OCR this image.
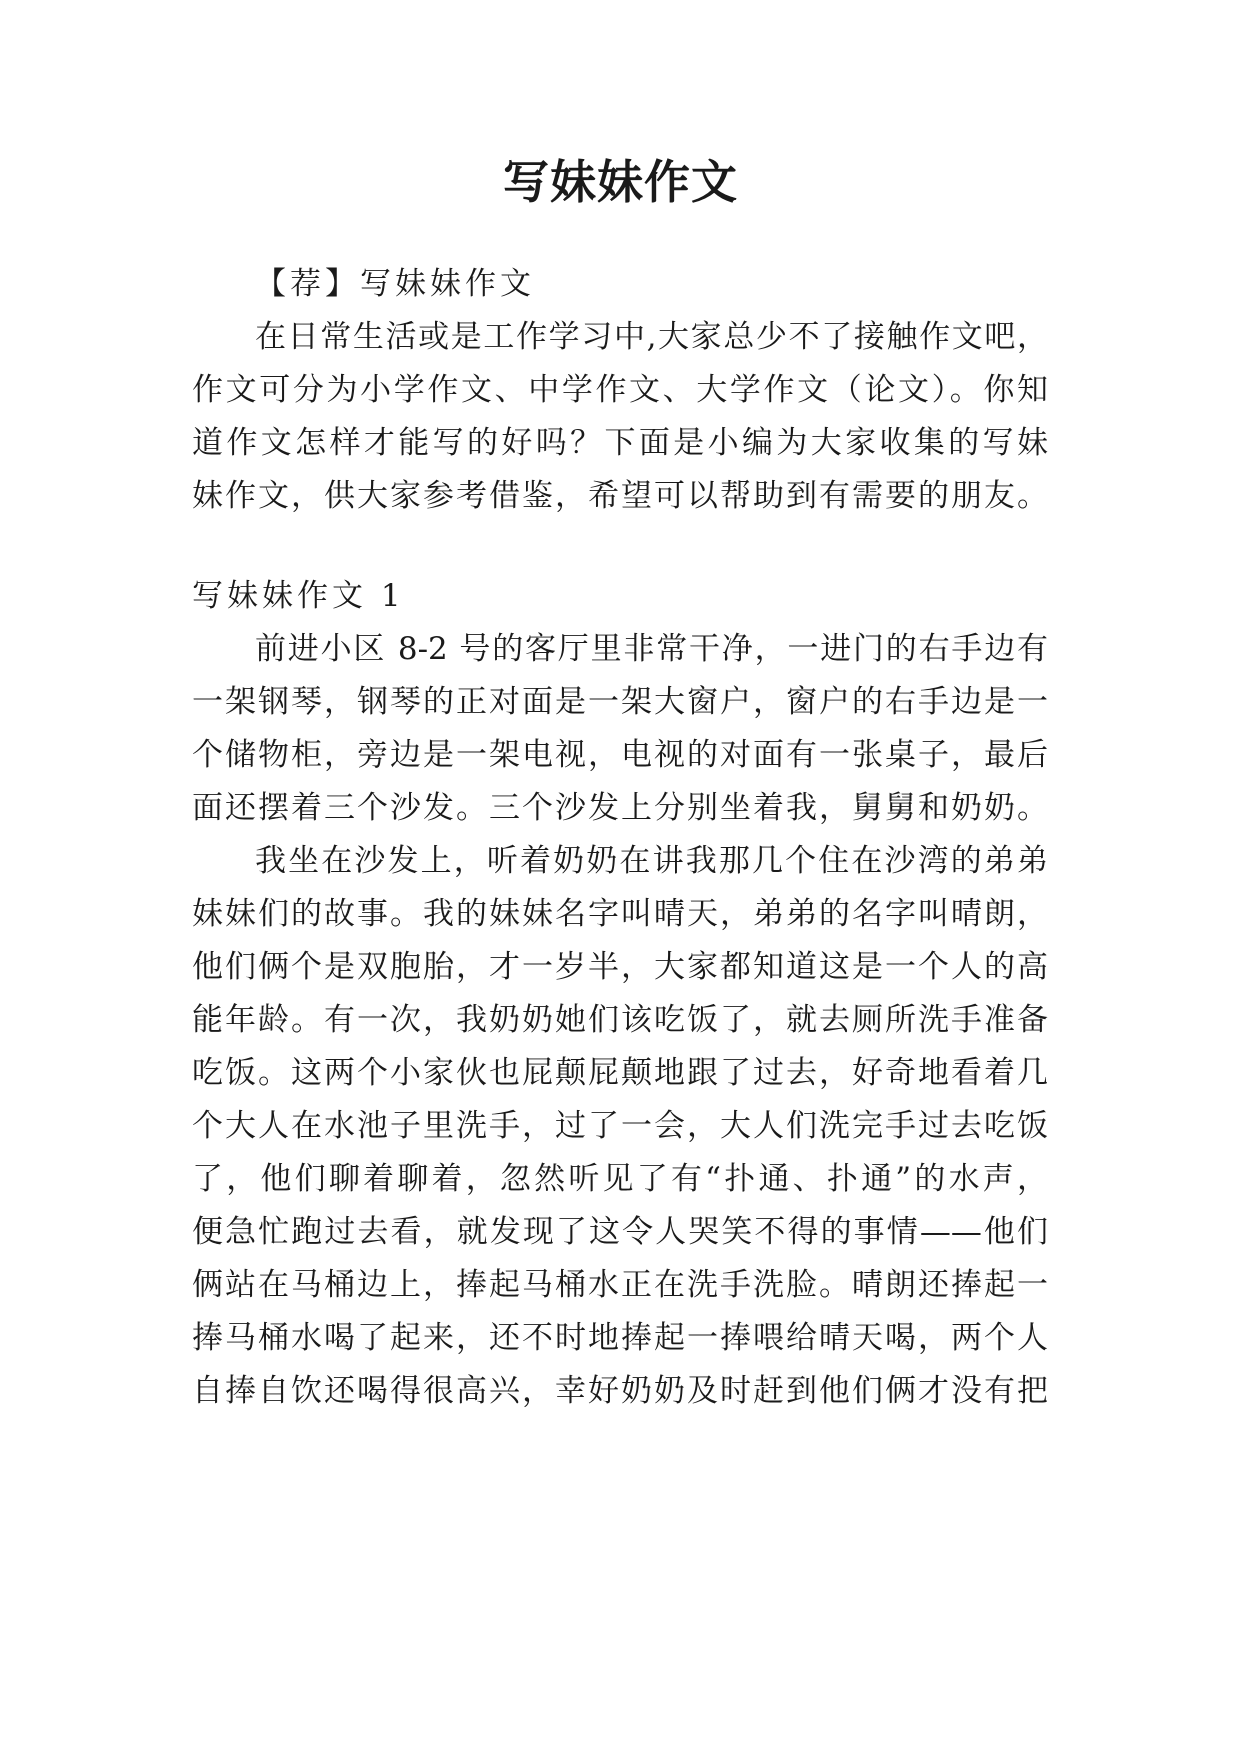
写妹妹作文
【荐】写妹妹作文
在日常生活或是工作学习中,大家总少不了接触作文吧，
作文可分为小学作文、中学作文、大学作文（论文）。你知
道作文怎样才能写的好吗？下面是小编为大家收集的写妹
妹作文，供大家参考借鉴，希望可以帮助到有需要的朋友。
写妹妹作文 1
前进小区 8-2 号的客厅里非常干净，一进门的右手边有
一架钢琴，钢琴的正对面是一架大窗户，窗户的右手边是一
个储物柜，旁边是一架电视，电视的对面有一张桌子，最后
面还摆着三个沙发。三个沙发上分别坐着我，舅舅和奶奶。
我坐在沙发上，听着奶奶在讲我那几个住在沙湾的弟弟
妹妹们的故事。我的妹妹名字叫晴天，弟弟的名字叫晴朗，
他们俩个是双胞胎，才一岁半，大家都知道这是一个人的高
能年龄。有一次，我奶奶她们该吃饭了，就去厕所洗手准备
吃饭。这两个小家伙也屁颠屁颠地跟了过去，好奇地看着几
个大人在水池子里洗手，过了一会，大人们洗完手过去吃饭
了，他们聊着聊着，忽然听见了有“扑通、扑通”的水声，
便急忙跑过去看，就发现了这令人哭笑不得的事情——他们
俩站在马桶边上，捧起马桶水正在洗手洗脸。晴朗还捧起一
捧马桶水喝了起来，还不时地捧起一捧喂给晴天喝，两个人
自捧自饮还喝得很高兴，幸好奶奶及时赶到他们俩才没有把
